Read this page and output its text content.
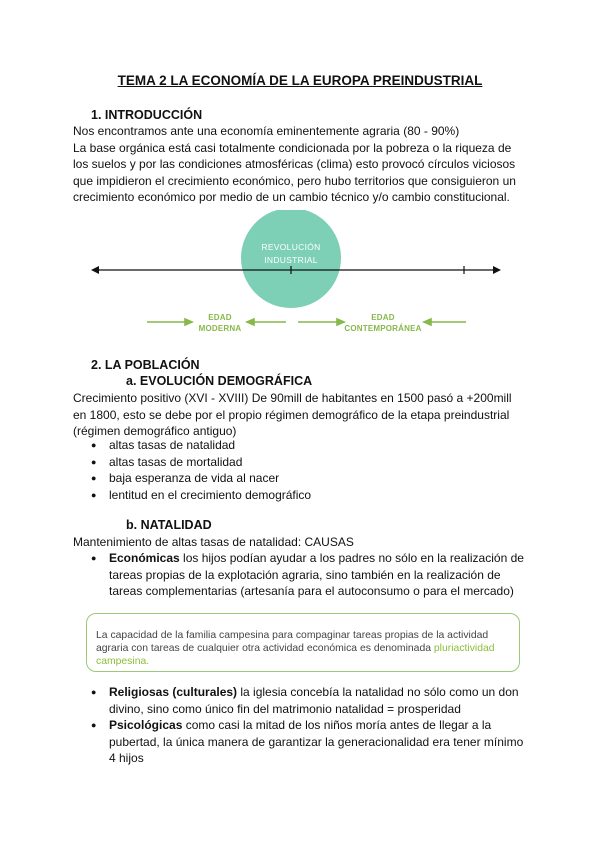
TEMA 2 LA ECONOMÍA DE LA EUROPA PREINDUSTRIAL
1. INTRODUCCIÓN
Nos encontramos ante una economía eminentemente agraria (80 - 90%)
La base orgánica está casi totalmente condicionada por la pobreza o la riqueza de
los suelos y por las condiciones atmosféricas (clima) esto provocó círculos viciosos
que impidieron el crecimiento económico, pero hubo territorios que consiguieron un
crecimiento económico por medio de un cambio técnico y/o cambio constitucional.
REVOLUCIÓN
INDUSTRIAL
EDAD
MODERNA
EDAD
CONTEMPORÁNEA
2. LA POBLACIÓN
a. EVOLUCIÓN DEMOGRÁFICA
Crecimiento positivo (XVI - XVIII) De 90mill de habitantes en 1500 pasó a +200mill
en 1800, esto se debe por el propio régimen demográfico de la etapa preindustrial
(régimen demográfico antiguo)
● altas tasas de natalidad
● altas tasas de mortalidad
● baja esperanza de vida al nacer
● lentitud en el crecimiento demográfico
b. NATALIDAD
Mantenimiento de altas tasas de natalidad: CAUSAS
● Económicas los hijos podían ayudar a los padres no sólo en la realización de
tareas propias de la explotación agraria, sino también en la realización de
tareas complementarias (artesanía para el autoconsumo o para el mercado)
La capacidad de la familia campesina para compaginar tareas propias de la actividad
agraria con tareas de cualquier otra actividad económica es denominada pluriactividad
campesina.
● Religiosas (culturales) la iglesia concebía la natalidad no sólo como un don
divino, sino como único fin del matrimonio natalidad = prosperidad
● Psicológicas como casi la mitad de los niños moría antes de llegar a la
pubertad, la única manera de garantizar la generacionalidad era tener mínimo
4 hijos
